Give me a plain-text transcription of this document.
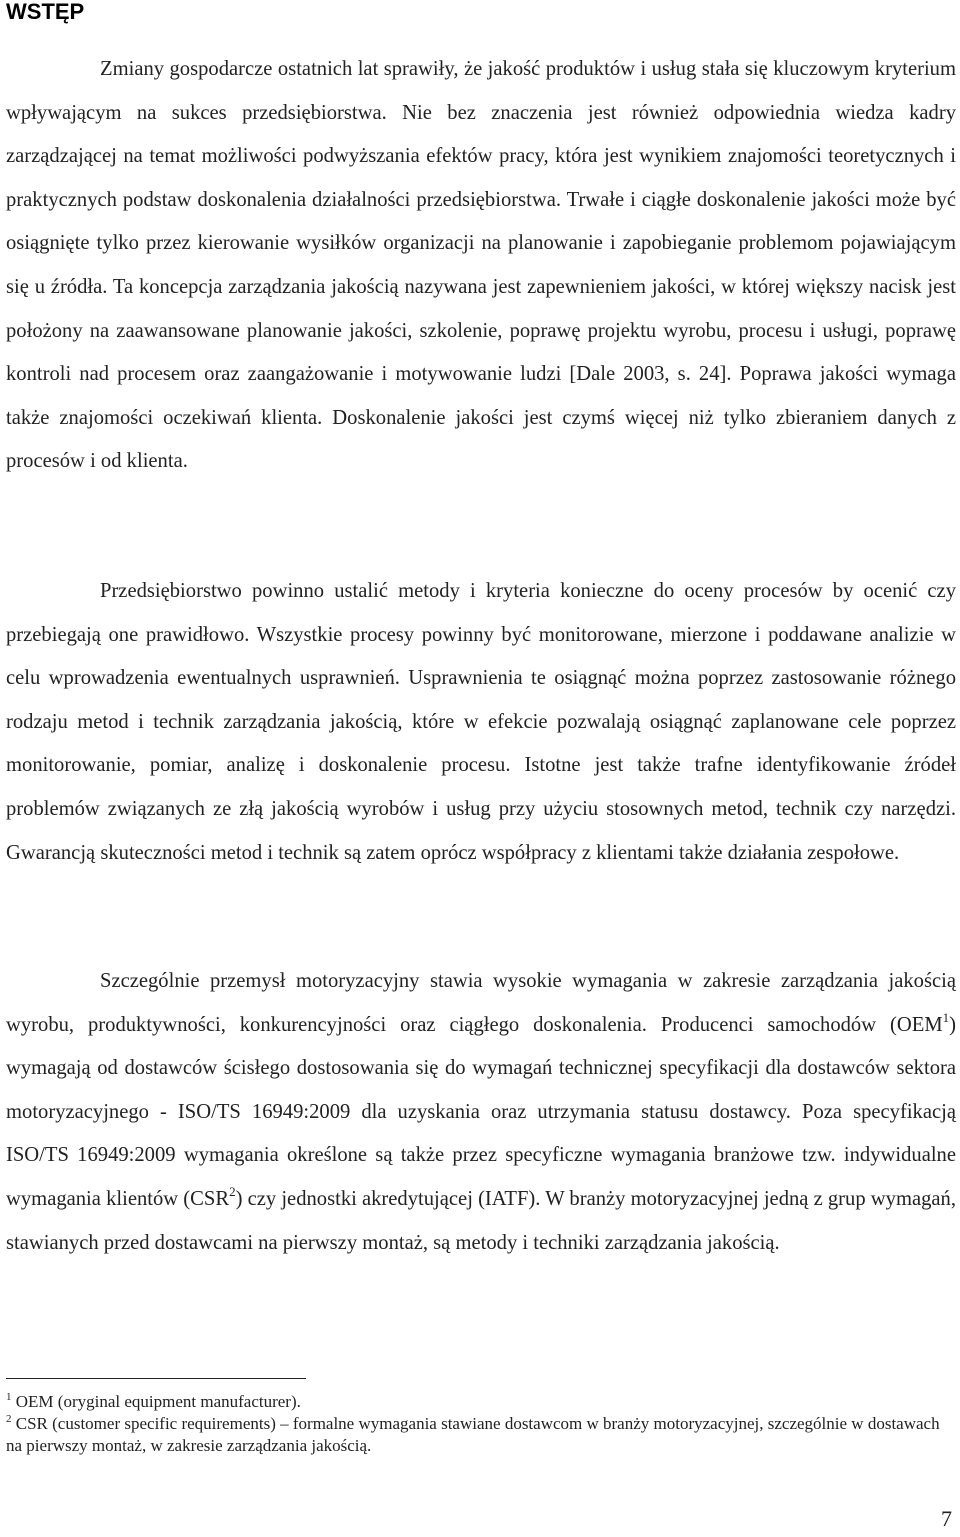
WSTĘP

Zmiany gospodarcze ostatnich lat sprawiły, że jakość produktów i usług stała się kluczowym kryterium wpływającym na sukces przedsiębiorstwa. Nie bez znaczenia jest również odpowiednia wiedza kadry zarządzającej na temat możliwości podwyższania efektów pracy, która jest wynikiem znajomości teoretycznych i praktycznych podstaw doskonalenia działalności przedsiębiorstwa. Trwałe i ciągłe doskonalenie jakości może być osiągnięte tylko przez kierowanie wysiłków organizacji na planowanie i zapobieganie problemom pojawiającym się u źródła. Ta koncepcja zarządzania jakością nazywana jest zapewnieniem jakości, w której większy nacisk jest położony na zaawansowane planowanie jakości, szkolenie, poprawę projektu wyrobu, procesu i usługi, poprawę kontroli nad procesem oraz zaangażowanie i motywowanie ludzi [Dale 2003, s. 24]. Poprawa jakości wymaga także znajomości oczekiwań klienta. Doskonalenie jakości jest czymś więcej niż tylko zbieraniem danych z procesów i od klienta.

Przedsiębiorstwo powinno ustalić metody i kryteria konieczne do oceny procesów by ocenić czy przebiegają one prawidłowo. Wszystkie procesy powinny być monitorowane, mierzone i poddawane analizie w celu wprowadzenia ewentualnych usprawnień. Usprawnienia te osiągnąć można poprzez zastosowanie różnego rodzaju metod i technik zarządzania jakością, które w efekcie pozwalają osiągnąć zaplanowane cele poprzez monitorowanie, pomiar, analizę i doskonalenie procesu. Istotne jest także trafne identyfikowanie źródeł problemów związanych ze złą jakością wyrobów i usług przy użyciu stosownych metod, technik czy narzędzi. Gwarancją skuteczności metod i technik są zatem oprócz współpracy z klientami także działania zespołowe.

Szczególnie przemysł motoryzacyjny stawia wysokie wymagania w zakresie zarządzania jakością wyrobu, produktywności, konkurencyjności oraz ciągłego doskonalenia. Producenci samochodów (OEM$^1$) wymagają od dostawców ścisłego dostosowania się do wymagań technicznej specyfikacji dla dostawców sektora motoryzacyjnego - ISO/TS 16949:2009 dla uzyskania oraz utrzymania statusu dostawcy. Poza specyfikacją ISO/TS 16949:2009 wymagania określone są także przez specyficzne wymagania branżowe tzw. indywidualne wymagania klientów (CSR$^2$) czy jednostki akredytującej (IATF). W branży motoryzacyjnej jedną z grup wymagań, stawianych przed dostawcami na pierwszy montaż, są metody i techniki zarządzania jakością.

$^1$ OEM (oryginal equipment manufacturer).

$^2$ CSR (customer specific requirements) – formalne wymagania stawiane dostawcom w branży motoryzacyjnej, szczególnie w dostawach na pierwszy montaż, w zakresie zarządzania jakością.

7
